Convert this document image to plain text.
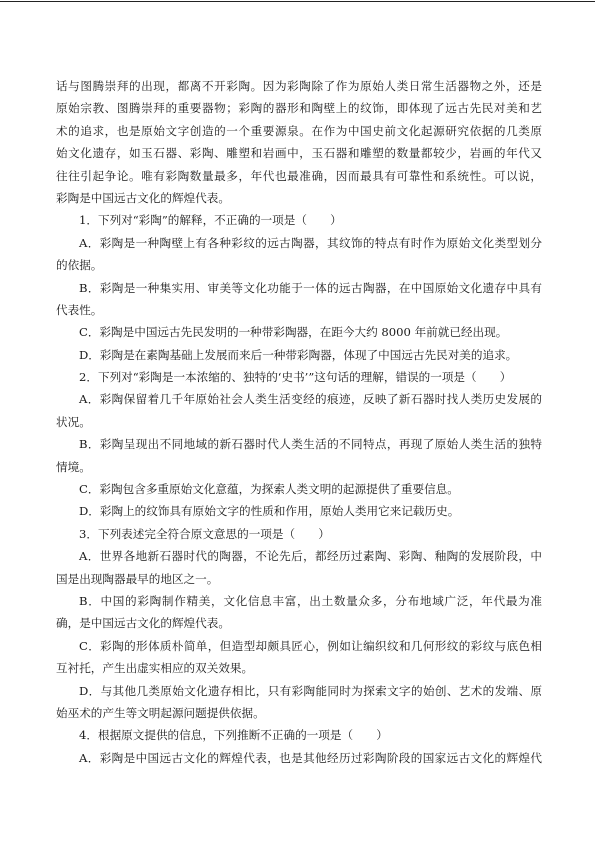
话与图腾崇拜的出现，都离不开彩陶。因为彩陶除了作为原始人类日常生活器物之外，还是
原始宗教、图腾崇拜的重要器物；彩陶的器形和陶壁上的纹饰，即体现了远古先民对美和艺
术的追求，也是原始文字创造的一个重要源泉。在作为中国史前文化起源研究依据的几类原
始文化遗存，如玉石器、彩陶、雕塑和岩画中，玉石器和雕塑的数量都较少，岩画的年代又
往往引起争论。唯有彩陶数量最多，年代也最准确，因而最具有可靠性和系统性。可以说，
彩陶是中国远古文化的辉煌代表。
1．下列对“彩陶”的解释，不正确的一项是（　　）
A．彩陶是一种陶壁上有各种彩纹的远古陶器，其纹饰的特点有时作为原始文化类型划分
的依据。
B．彩陶是一种集实用、审美等文化功能于一体的远古陶器，在中国原始文化遗存中具有
代表性。
C．彩陶是中国远古先民发明的一种带彩陶器，在距今大约 8000 年前就已经出现。
D．彩陶是在素陶基础上发展而来后一种带彩陶器，体现了中国远古先民对美的追求。
2．下列对“彩陶是一本浓缩的、独特的‘史书’”这句话的理解，错误的一项是（　　）
A．彩陶保留着几千年原始社会人类生活变经的痕迹，反映了新石器时找人类历史发展的
状况。
B．彩陶呈现出不同地域的新石器时代人类生活的不同特点，再现了原始人类生活的独特
情境。
C．彩陶包含多重原始文化意蕴，为探索人类文明的起源提供了重要信息。
D．彩陶上的纹饰具有原始文字的性质和作用，原始人类用它来记载历史。
3．下列表述完全符合原文意思的一项是（　　）
A．世界各地新石器时代的陶器，不论先后，都经历过素陶、彩陶、釉陶的发展阶段，中
国是出现陶器最早的地区之一。
B．中国的彩陶制作精美，文化信息丰富，出土数量众多，分布地域广泛，年代最为准
确，是中国远古文化的辉煌代表。
C．彩陶的形体质朴简单，但造型却颇具匠心，例如让编织纹和几何形纹的彩纹与底色相
互衬托，产生出虚实相应的双关效果。
D．与其他几类原始文化遗存相比，只有彩陶能同时为探索文字的始创、艺术的发端、原
始巫术的产生等文明起源问题提供依据。
4．根据原文提供的信息，下列推断不正确的一项是（　　）
A．彩陶是中国远古文化的辉煌代表，也是其他经历过彩陶阶段的国家远古文化的辉煌代
